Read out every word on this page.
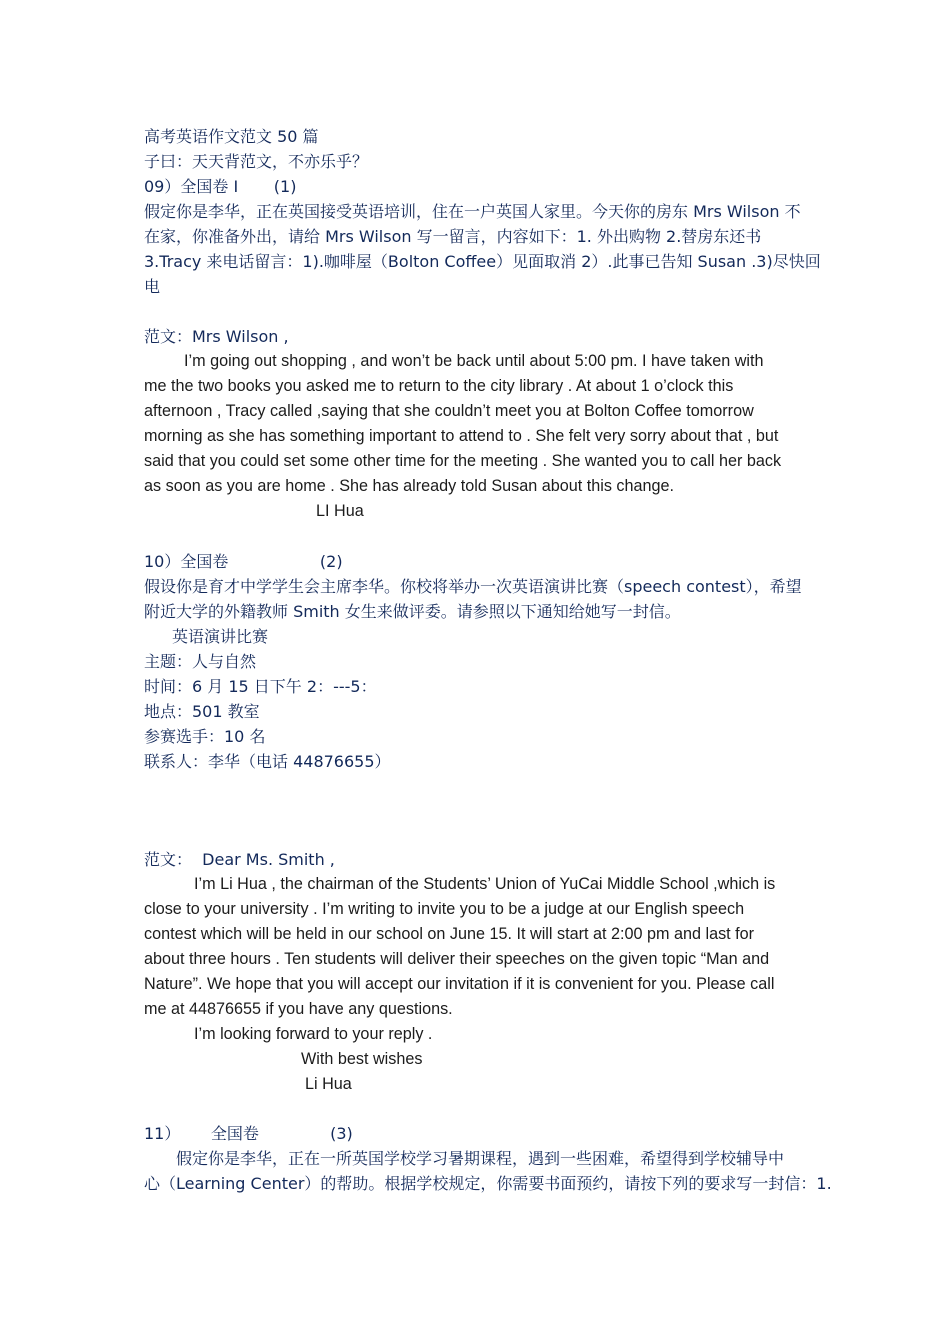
高考英语作文范文 50 篇
子曰：天天背范文，不亦乐乎？
09）全国卷 I       (1)
假定你是李华，正在英国接受英语培训，住在一户英国人家里。今天你的房东 Mrs Wilson 不
在家，你准备外出，请给 Mrs Wilson 写一留言，内容如下：1. 外出购物 2.替房东还书
3.Tracy 来电话留言：1).咖啡屋（Bolton Coffee）见面取消 2）.此事已告知 Susan .3)尽快回
电
范文：Mrs Wilson ,
I’m going out shopping , and won’t be back until about 5:00 pm. I have taken with
me the two books you asked me to return to the city library . At about 1 o’clock this
afternoon , Tracy called ,saying that she couldn’t meet you at Bolton Coffee tomorrow
morning as she has something important to attend to . She felt very sorry about that , but
said that you could set some other time for the meeting . She wanted you to call her back
as soon as you are home . She has already told Susan about this change.
LI Hua
10）全国卷                  (2)
假设你是育才中学学生会主席李华。你校将举办一次英语演讲比赛（speech contest），希望
附近大学的外籍教师 Smith 女生来做评委。请参照以下通知给她写一封信。
英语演讲比赛
主题：人与自然
时间：6 月 15 日下午 2：---5：
地点：501 教室
参赛选手：10 名
联系人：李华（电话 44876655）
范文：  Dear Ms. Smith ,
I’m Li Hua , the chairman of the Students’ Union of YuCai Middle School ,which is
close to your university . I’m writing to invite you to be a judge at our English speech
contest which will be held in our school on June 15. It will start at 2:00 pm and last for
about three hours . Ten students will deliver their speeches on the given topic “Man and
Nature”. We hope that you will accept our invitation if it is convenient for you. Please call
me at 44876655 if you have any questions.
I’m looking forward to your reply .
With best wishes
Li Hua
11）      全国卷              (3)
假定你是李华，正在一所英国学校学习暑期课程，遇到一些困难，希望得到学校辅导中
心（Learning Center）的帮助。根据学校规定，你需要书面预约，请按下列的要求写一封信：1.
